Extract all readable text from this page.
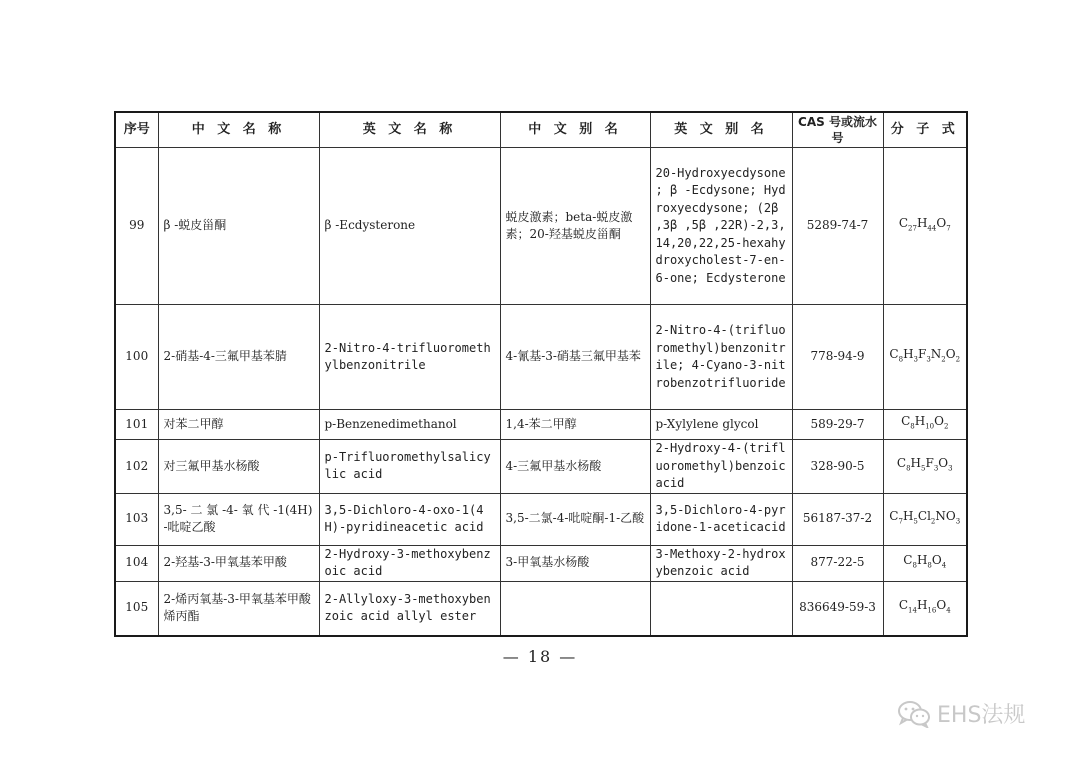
序号	中 文 名 称	英 文 名 称	中 文 别 名	英 文 别 名	CAS 号或流水号	分 子 式
99	β -蜕皮甾酮	β -Ecdysterone	蜕皮激素；beta-蜕皮激素；20-羟基蜕皮甾酮	20-Hydroxyecdysone ; β -Ecdysone; Hydroxyecdysone; (2β ,3β ,5β ,22R)-2,3,14,20,22,25-hexahydroxycholest-7-en-6-one; Ecdysterone	5289-74-7	$C_{27}H_{44}O_7$
100	2-硝基-4-三氟甲基苯腈	2-Nitro-4-trifluoromethylbenzonitrile	4-氰基-3-硝基三氟甲基苯	2-Nitro-4-(trifluoromethyl)benzonitrile; 4-Cyano-3-nitrobenzotrifluoride	778-94-9	$C_8H_3F_3N_2O_2$
101	对苯二甲醇	p-Benzenedimethanol	1,4-苯二甲醇	p-Xylylene glycol	589-29-7	$C_8H_{10}O_2$
102	对三氟甲基水杨酸	p-Trifluoromethylsalicylic acid	4-三氟甲基水杨酸	2-Hydroxy-4-(trifluoromethyl)benzoic acid	328-90-5	$C_8H_5F_3O_3$
103	3,5- 二 氯 -4- 氧 代 -1(4H)-吡啶乙酸	3,5-Dichloro-4-oxo-1(4H)-pyridineacetic acid	3,5-二氯-4-吡啶酮-1-乙酸	3,5-Dichloro-4-pyridone-1-aceticacid	56187-37-2	$C_7H_5Cl_2NO_3$
104	2-羟基-3-甲氧基苯甲酸	2-Hydroxy-3-methoxybenzoic acid	3-甲氧基水杨酸	3-Methoxy-2-hydroxybenzoic acid	877-22-5	$C_8H_8O_4$
105	2-烯丙氧基-3-甲氧基苯甲酸烯丙酯	2-Allyloxy-3-methoxybenzoic acid allyl ester			836649-59-3	$C_{14}H_{16}O_4$
— 18 —
EHS法规
